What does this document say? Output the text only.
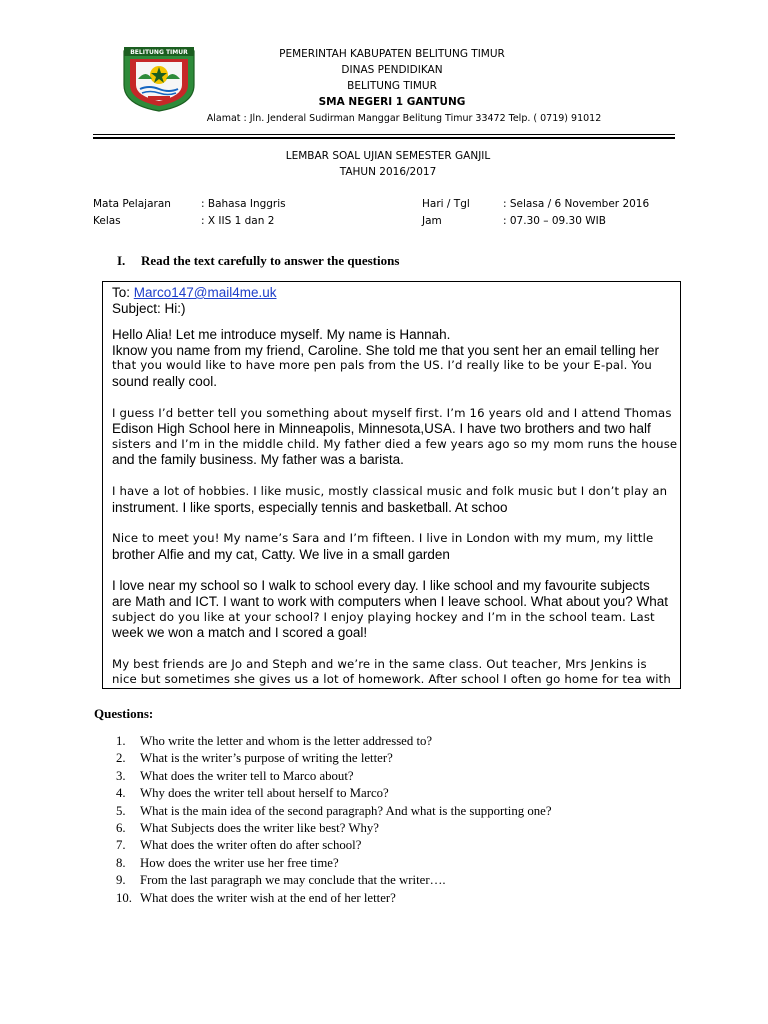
BELITUNG TIMUR	PEMERINTAH KABUPATEN BELITUNG TIMUR
DINAS PENDIDIKAN
BELITUNG TIMUR
SMA NEGERI 1 GANTUNG
Alamat : Jln. Jenderal Sudirman Manggar Belitung Timur 33472 Telp. ( 0719) 91012
LEMBAR SOAL UJIAN SEMESTER GANJIL
TAHUN 2016/2017
Mata Pelajaran	: Bahasa Inggris
Kelas	: X IIS 1 dan 2
Hari / Tgl	: Selasa / 6 November 2016
Jam	: 07.30 – 09.30 WIB
I. Read the text carefully to answer the questions
To: Marco147@mail4me.uk
Subject: Hi:)
Hello Alia! Let me introduce myself. My name is Hannah.
Iknow you name from my friend, Caroline. She told me that you sent her an email telling her
that you would like to have more pen pals from the US. I’d really like to be your E-pal. You
sound really cool.
I guess I’d better tell you something about myself first. I’m 16 years old and I attend Thomas
Edison High School here in Minneapolis, Minnesota,USA. I have two brothers and two half
sisters and I’m in the middle child. My father died a few years ago so my mom runs the house
and the family business. My father was a barista.
I have a lot of hobbies. I like music, mostly classical music and folk music but I don’t play an
instrument. I like sports, especially tennis and basketball. At schoo
Nice to meet you! My name’s Sara and I’m fifteen. I live in London with my mum, my little
brother Alfie and my cat, Catty. We live in a small garden
I love near my school so I walk to school every day. I like school and my favourite subjects
are Math and ICT. I want to work with computers when I leave school. What about you? What
subject do you like at your school? I enjoy playing hockey and I’m in the school team. Last
week we won a match and I scored a goal!
My best friends are Jo and Steph and we’re in the same class. Out teacher, Mrs Jenkins is
nice but sometimes she gives us a lot of homework. After school I often go home for tea with
Questions:
1. Who write the letter and whom is the letter addressed to?
2. What is the writer’s purpose of writing the letter?
3. What does the writer tell to Marco about?
4. Why does the writer tell about herself to Marco?
5. What is the main idea of the second paragraph? And what is the supporting one?
6. What Subjects does the writer like best? Why?
7. What does the writer often do after school?
8. How does the writer use her free time?
9. From the last paragraph we may conclude that the writer….
10. What does the writer wish at the end of her letter?
